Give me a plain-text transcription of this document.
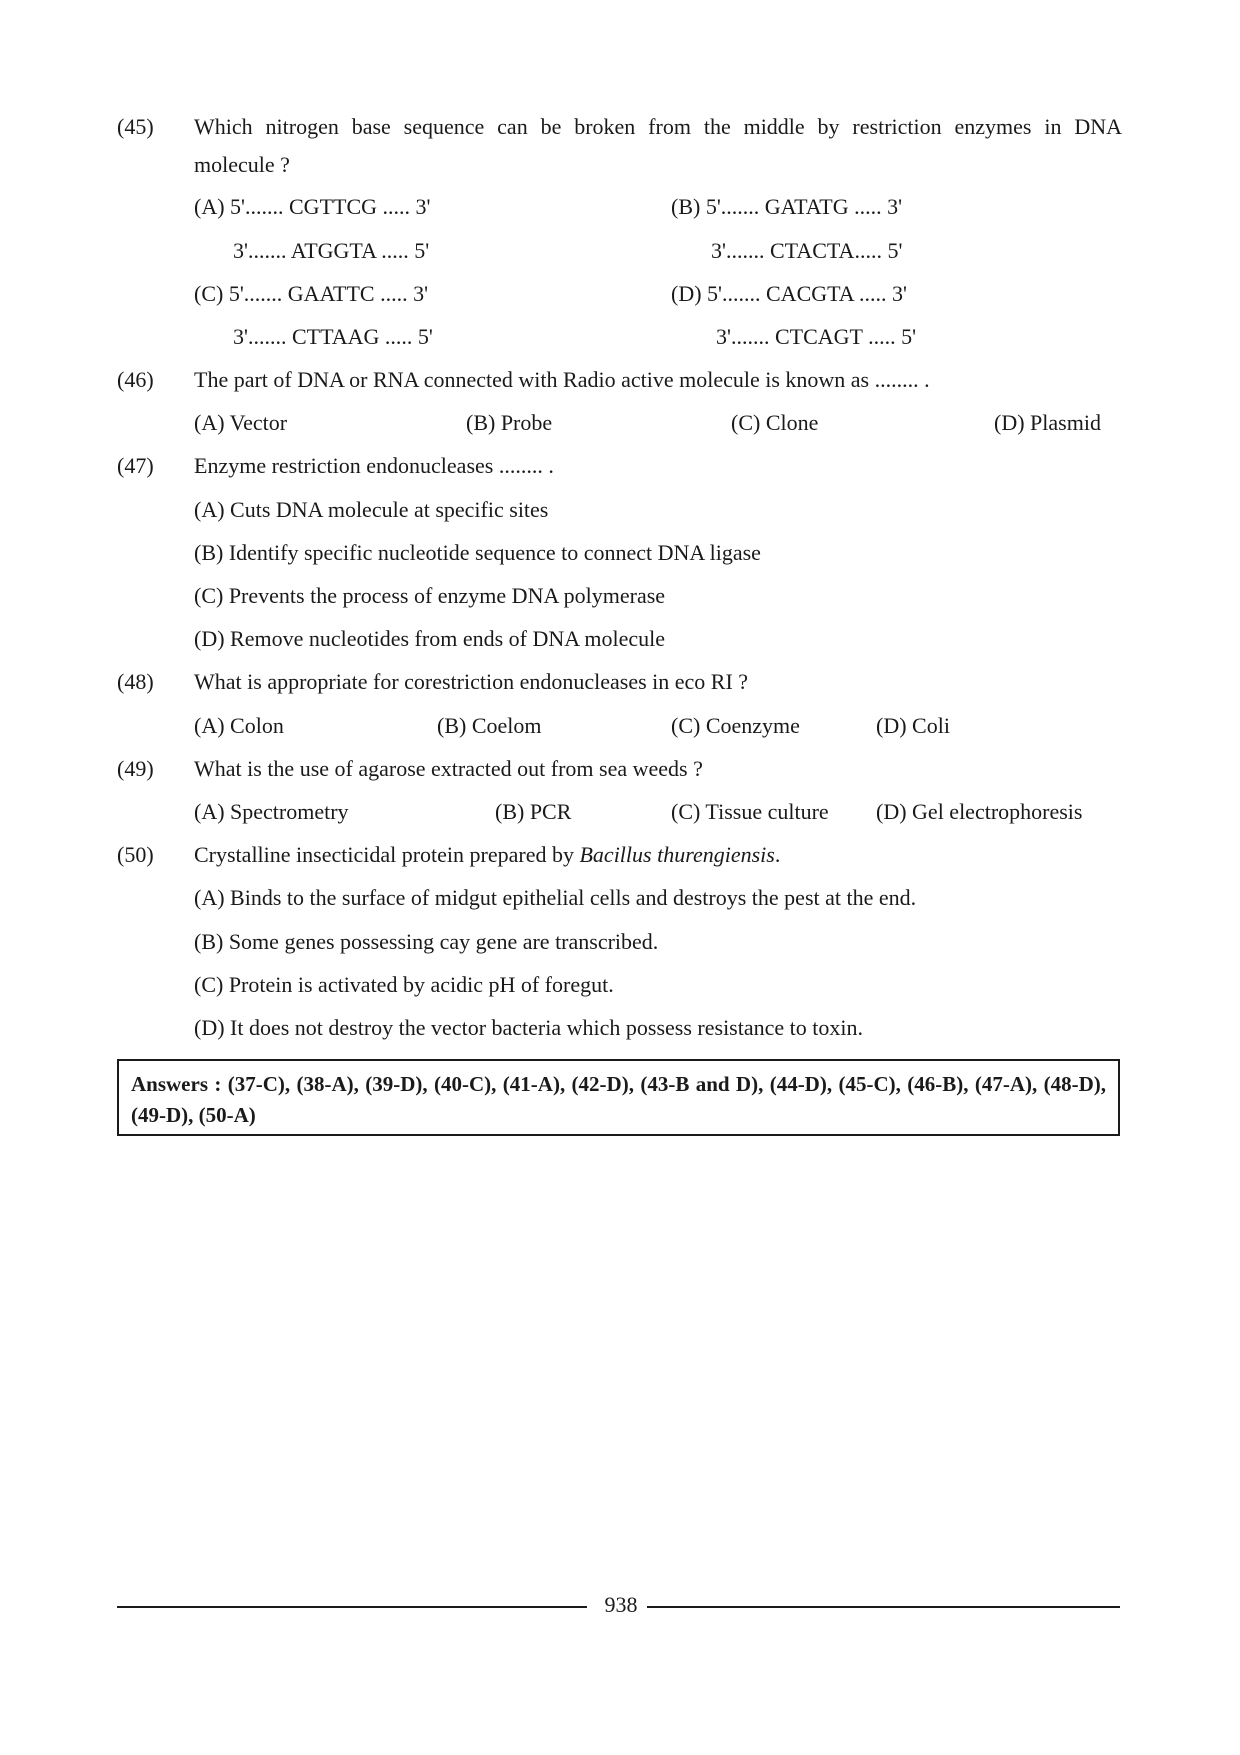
(45) Which nitrogen base sequence can be broken from the middle by restriction enzymes in DNA
molecule ?
(A) 5'....... CGTTCG ..... 3'
3'....... ATGGTA ..... 5'
(B) 5'....... GATATG ..... 3'
3'....... CTACTA..... 5'
(C) 5'....... GAATTC ..... 3'
3'....... CTTAAG ..... 5'
(D) 5'....... CACGTA ..... 3'
3'....... CTCAGT ..... 5'
(46) The part of DNA or RNA connected with Radio active molecule is known as ........ .
(A) Vector	(B) Probe	(C) Clone	(D) Plasmid
(47) Enzyme restriction endonucleases ........ .
(A) Cuts DNA molecule at specific sites
(B) Identify specific nucleotide sequence to connect DNA ligase
(C) Prevents the process of enzyme DNA polymerase
(D) Remove nucleotides from ends of DNA molecule
(48) What is appropriate for corestriction endonucleases in eco RI ?
(A) Colon	(B) Coelom	(C) Coenzyme	(D) Coli
(49) What is the use of agarose extracted out from sea weeds ?
(A) Spectrometry	(B) PCR	(C) Tissue culture (D) Gel electrophoresis
(50) Crystalline insecticidal protein prepared by Bacillus thurengiensis.
(A) Binds to the surface of midgut epithelial cells and destroys the pest at the end.
(B) Some genes possessing cay gene are transcribed.
(C) Protein is activated by acidic pH of foregut.
(D) It does not destroy the vector bacteria which possess resistance to toxin.
Answers : (37-C), (38-A), (39-D), (40-C), (41-A), (42-D), (43-B and D), (44-D), (45-C), (46-B), (47-A), (48-D), (49-D), (50-A)
938
